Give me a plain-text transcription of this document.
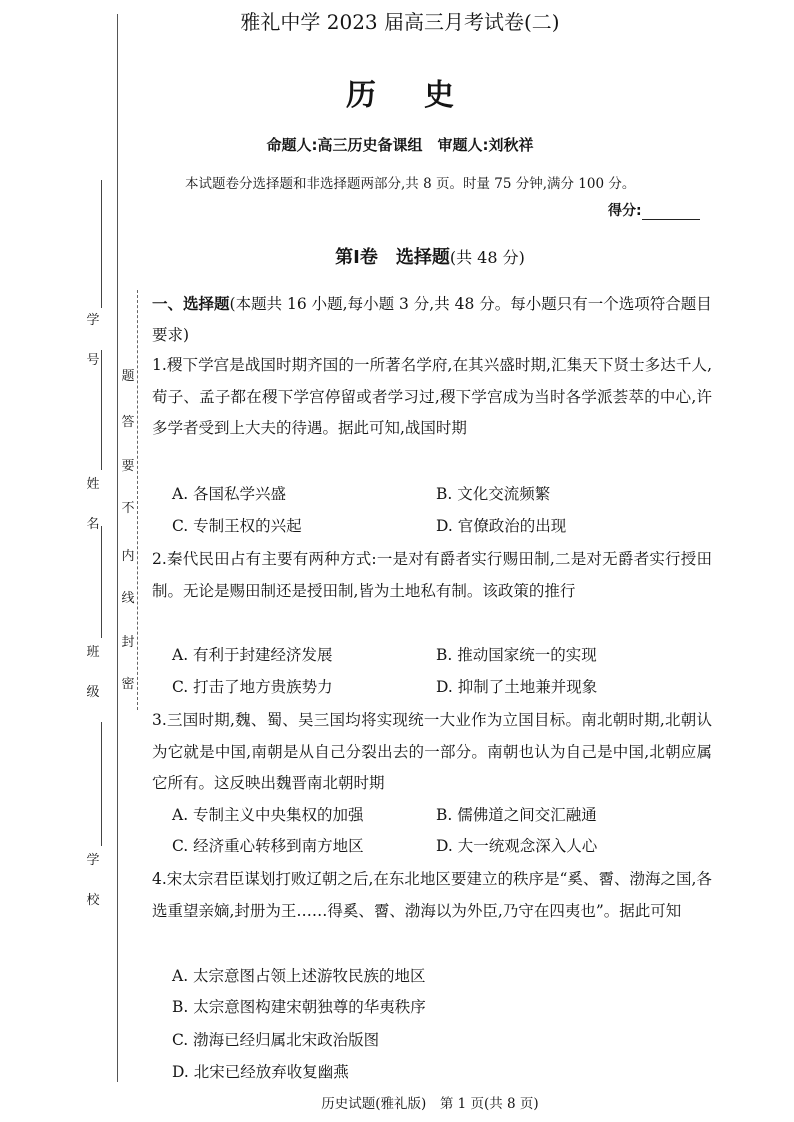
学
号
姓
名
班
级
学
校
题
答
要
不
内
线
封
密
雅礼中学 2023 届高三月考试卷(二)
历史
命题人:高三历史备课组　审题人:刘秋祥
本试题卷分选择题和非选择题两部分,共 8 页。时量 75 分钟,满分 100 分。
得分:
第Ⅰ卷　选择题(共 48 分)
一、选择题(本题共 16 小题,每小题 3 分,共 48 分。每小题只有一个选项符合题目要求)
1.稷下学宫是战国时期齐国的一所著名学府,在其兴盛时期,汇集天下贤士多达千人,荀子、孟子都在稷下学宫停留或者学习过,稷下学宫成为当时各学派荟萃的中心,许多学者受到上大夫的待遇。据此可知,战国时期
A. 各国私学兴盛	B. 文化交流频繁
C. 专制王权的兴起	D. 官僚政治的出现
2.秦代民田占有主要有两种方式:一是对有爵者实行赐田制,二是对无爵者实行授田制。无论是赐田制还是授田制,皆为土地私有制。该政策的推行
A. 有利于封建经济发展	B. 推动国家统一的实现
C. 打击了地方贵族势力	D. 抑制了土地兼并现象
3.三国时期,魏、蜀、吴三国均将实现统一大业作为立国目标。南北朝时期,北朝认为它就是中国,南朝是从自己分裂出去的一部分。南朝也认为自己是中国,北朝应属它所有。这反映出魏晋南北朝时期
A. 专制主义中央集权的加强	B. 儒佛道之间交汇融通
C. 经济重心转移到南方地区	D. 大一统观念深入人心
4.宋太宗君臣谋划打败辽朝之后,在东北地区要建立的秩序是“奚、霫、渤海之国,各选重望亲嫡,封册为王……得奚、霫、渤海以为外臣,乃守在四夷也”。据此可知
A. 太宗意图占领上述游牧民族的地区
B. 太宗意图构建宋朝独尊的华夷秩序
C. 渤海已经归属北宋政治版图
D. 北宋已经放弃收复幽燕
历史试题(雅礼版)　第 1 页(共 8 页)
